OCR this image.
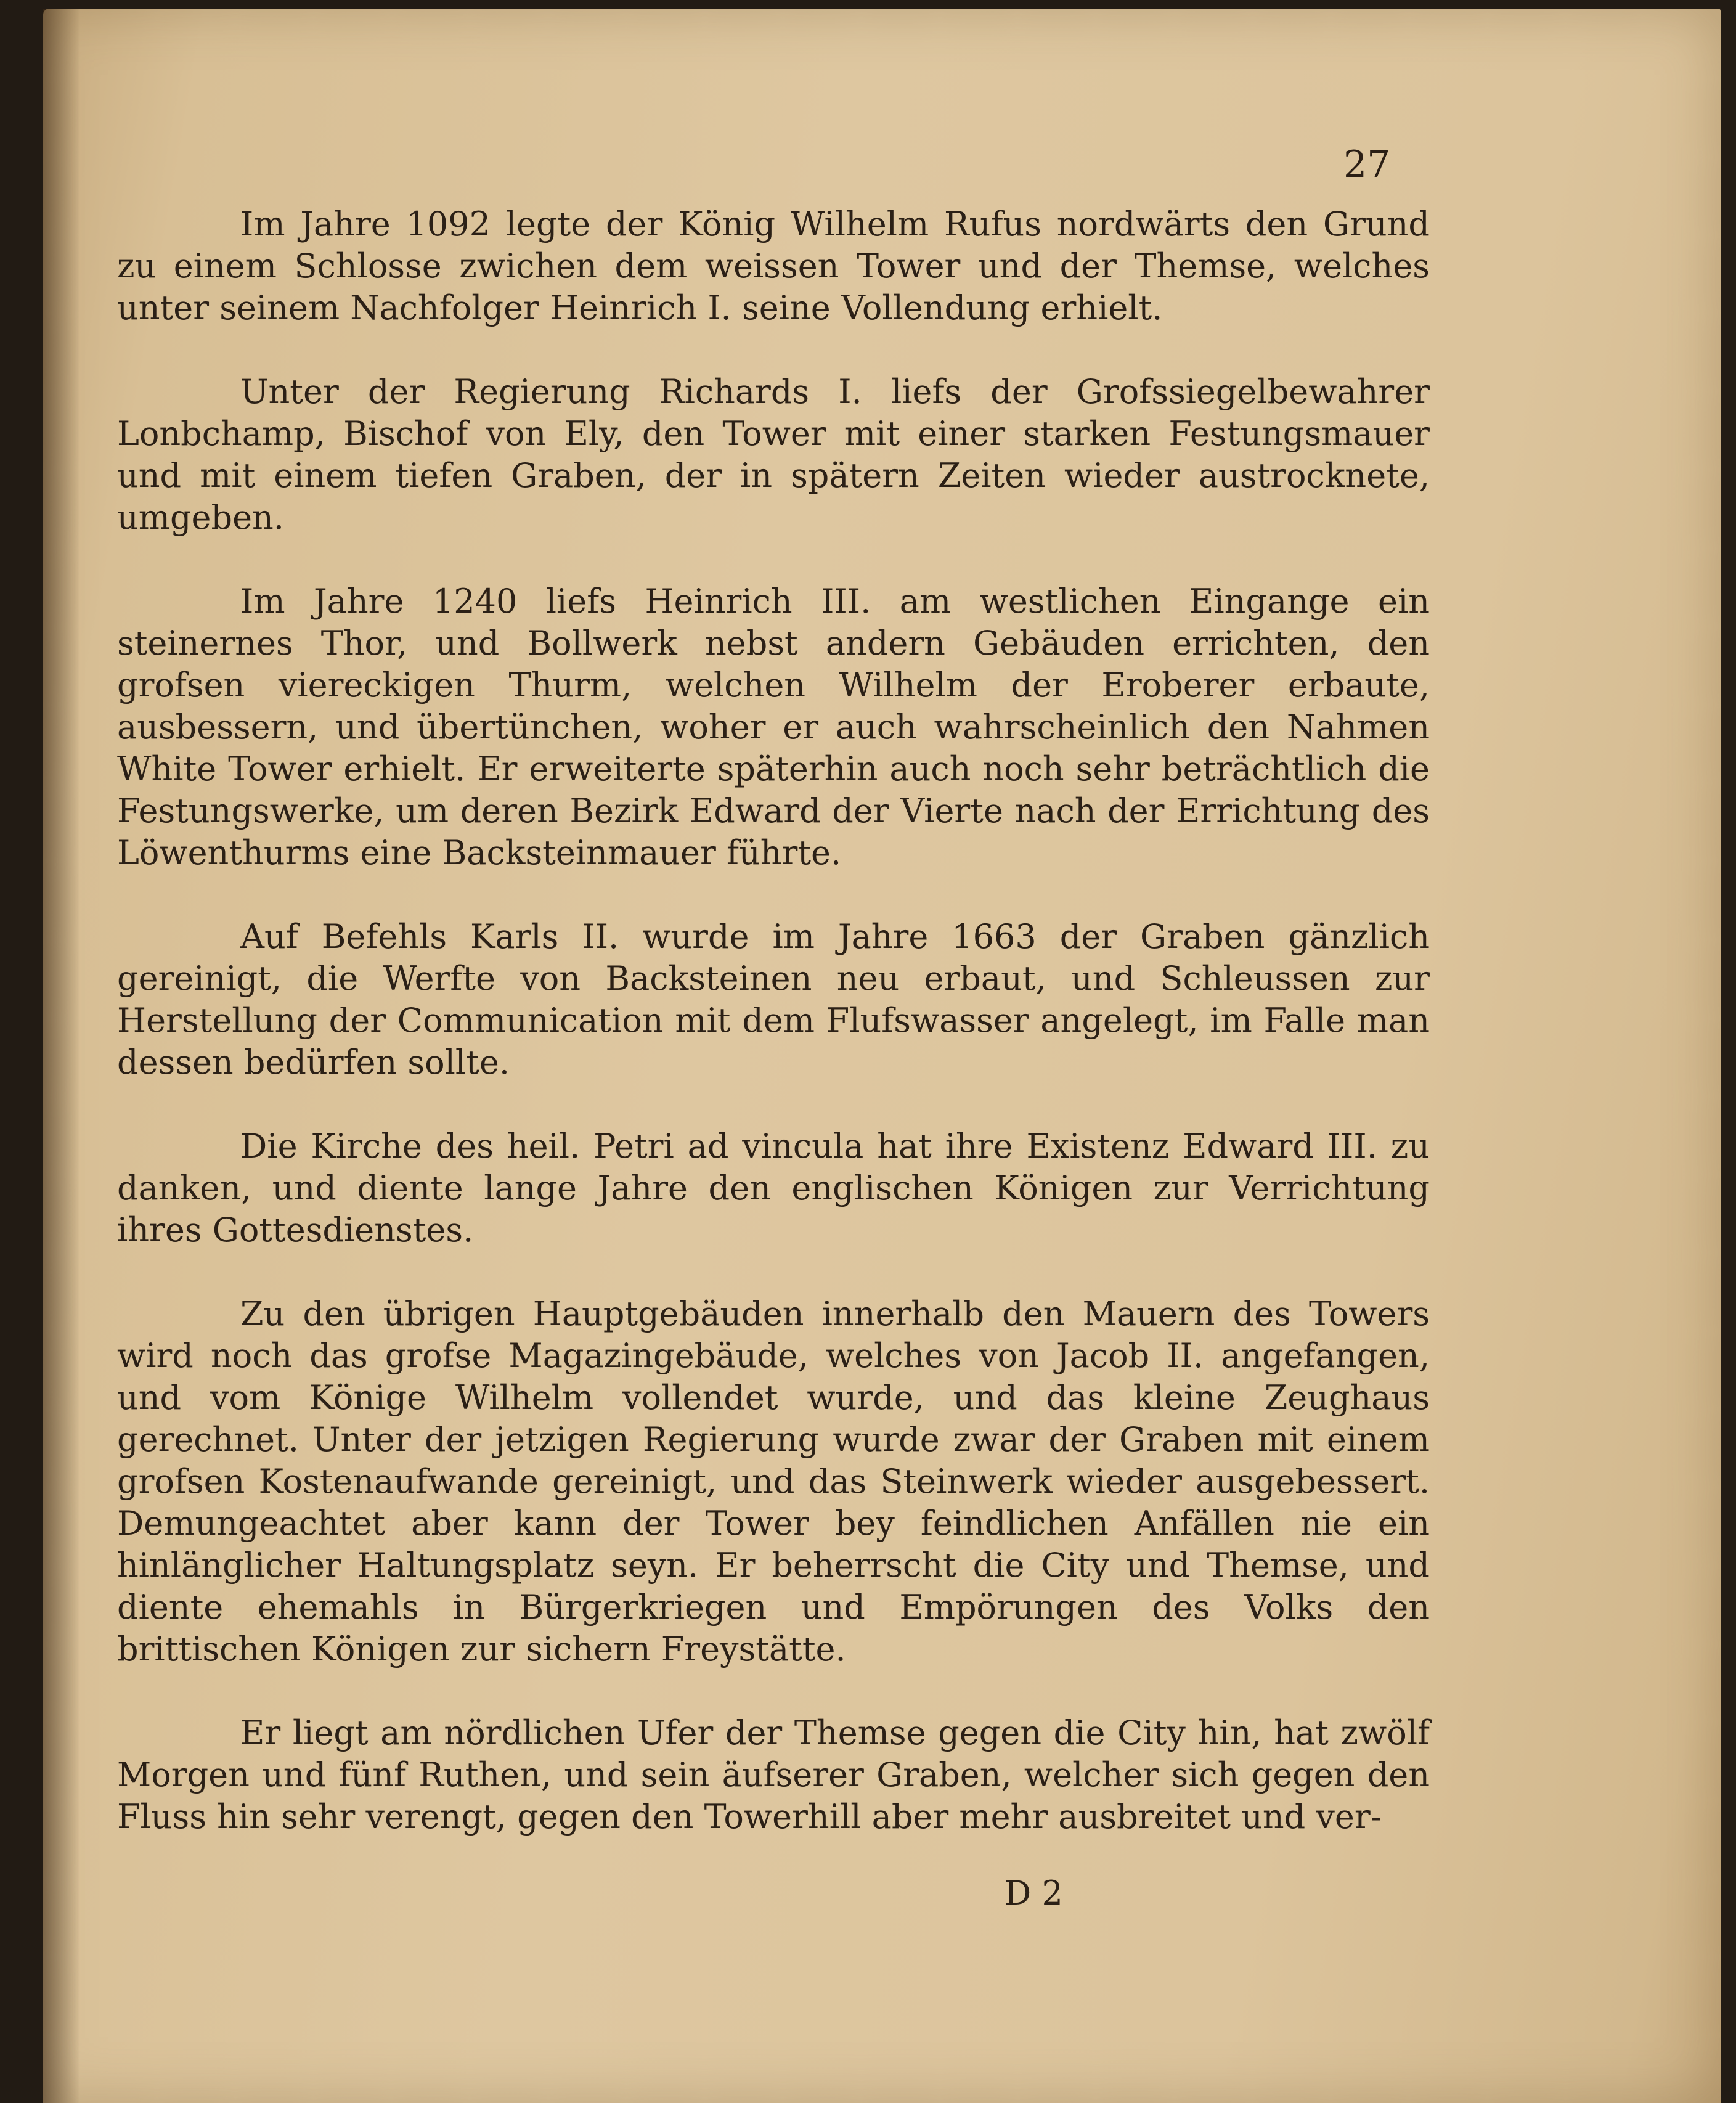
27

Im Jahre 1092 legte der König Wilhelm Rufus nordwärts den Grund zu einem Schlosse zwichen dem weissen Tower und der Themse, welches unter seinem Nachfolger Heinrich I. seine Vollendung erhielt.

Unter der Regierung Richards I. liefs der Grofssiegelbewahrer Lonbchamp, Bischof von Ely, den Tower mit einer starken Festungsmauer und mit einem tiefen Graben, der in spätern Zeiten wieder austrocknete, umgeben.

Im Jahre 1240 liefs Heinrich III. am westlichen Eingange ein steinernes Thor, und Bollwerk nebst andern Gebäuden errichten, den grofsen viereckigen Thurm, welchen Wilhelm der Eroberer erbaute, ausbessern, und übertünchen, woher er auch wahrscheinlich den Nahmen White Tower erhielt. Er erweiterte späterhin auch noch sehr beträchtlich die Festungswerke, um deren Bezirk Edward der Vierte nach der Errichtung des Löwenthurms eine Backsteinmauer führte.

Auf Befehls Karls II. wurde im Jahre 1663 der Graben gänzlich gereinigt, die Werfte von Backsteinen neu erbaut, und Schleussen zur Herstellung der Communication mit dem Flufswasser angelegt, im Falle man dessen bedürfen sollte.

Die Kirche des heil. Petri ad vincula hat ihre Existenz Edward III. zu danken, und diente lange Jahre den englischen Königen zur Verrichtung ihres Gottesdienstes.

Zu den übrigen Hauptgebäuden innerhalb den Mauern des Towers wird noch das grofse Magazingebäude, welches von Jacob II. angefangen, und vom Könige Wilhelm vollendet wurde, und das kleine Zeughaus gerechnet. Unter der jetzigen Regierung wurde zwar der Graben mit einem grofsen Kostenaufwande gereinigt, und das Steinwerk wieder ausgebessert. Demungeachtet aber kann der Tower bey feindlichen Anfällen nie ein hinlänglicher Haltungsplatz seyn. Er beherrscht die City und Themse, und diente ehemahls in Bürgerkriegen und Empörungen des Volks den brittischen Königen zur sichern Freystätte.

Er liegt am nördlichen Ufer der Themse gegen die City hin, hat zwölf Morgen und fünf Ruthen, und sein äufserer Graben, welcher sich gegen den Fluss hin sehr verengt, gegen den Towerhill aber mehr ausbreitet und ver-

D 2
